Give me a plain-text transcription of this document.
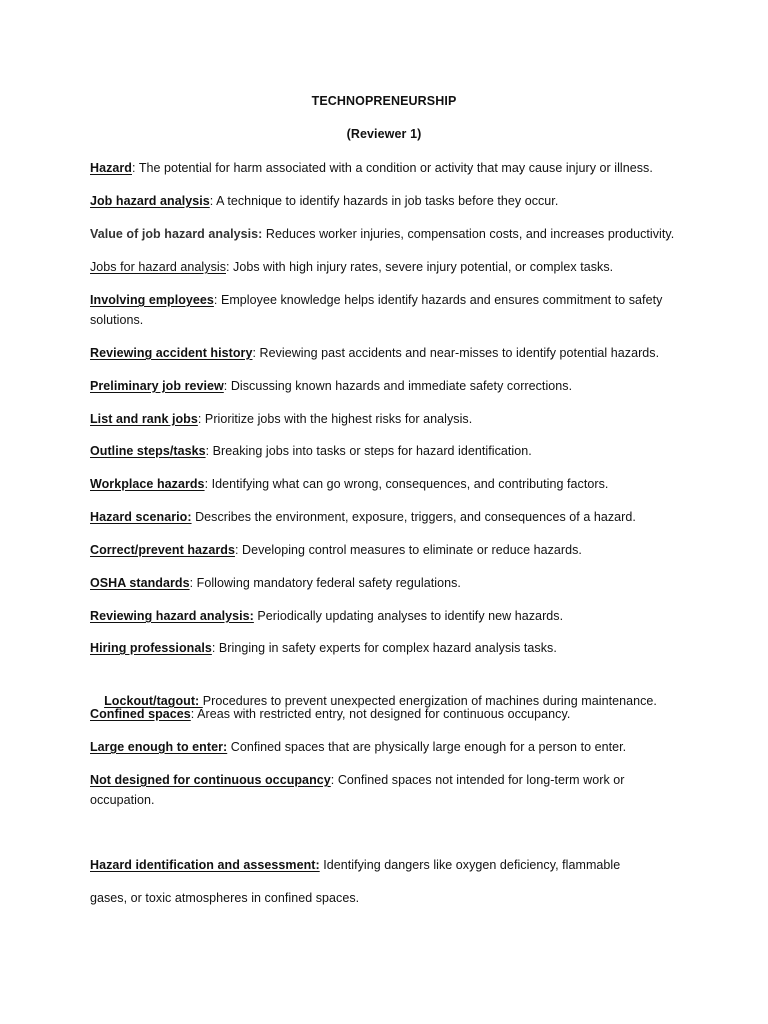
TECHNOPRENEURSHIP
(Reviewer 1)
Hazard: The potential for harm associated with a condition or activity that may cause injury or illness.
Job hazard analysis: A technique to identify hazards in job tasks before they occur.
Value of job hazard analysis: Reduces worker injuries, compensation costs, and increases productivity.
Jobs for hazard analysis: Jobs with high injury rates, severe injury potential, or complex tasks.
Involving employees: Employee knowledge helps identify hazards and ensures commitment to safety solutions.
Reviewing accident history: Reviewing past accidents and near-misses to identify potential hazards.
Preliminary job review: Discussing known hazards and immediate safety corrections.
List and rank jobs: Prioritize jobs with the highest risks for analysis.
Outline steps/tasks: Breaking jobs into tasks or steps for hazard identification.
Workplace hazards: Identifying what can go wrong, consequences, and contributing factors.
Hazard scenario: Describes the environment, exposure, triggers, and consequences of a hazard.
Correct/prevent hazards: Developing control measures to eliminate or reduce hazards.
OSHA standards: Following mandatory federal safety regulations.
Reviewing hazard analysis: Periodically updating analyses to identify new hazards.
Hiring professionals: Bringing in safety experts for complex hazard analysis tasks.

Lockout/tagout: Procedures to prevent unexpected energization of machines during maintenance.

Confined spaces: Areas with restricted entry, not designed for continuous occupancy.
Large enough to enter: Confined spaces that are physically large enough for a person to enter.
Not designed for continuous occupancy: Confined spaces not intended for long-term work or occupation.
Hazard identification and assessment: Identifying dangers like oxygen deficiency, flammable
gases, or toxic atmospheres in confined spaces.
